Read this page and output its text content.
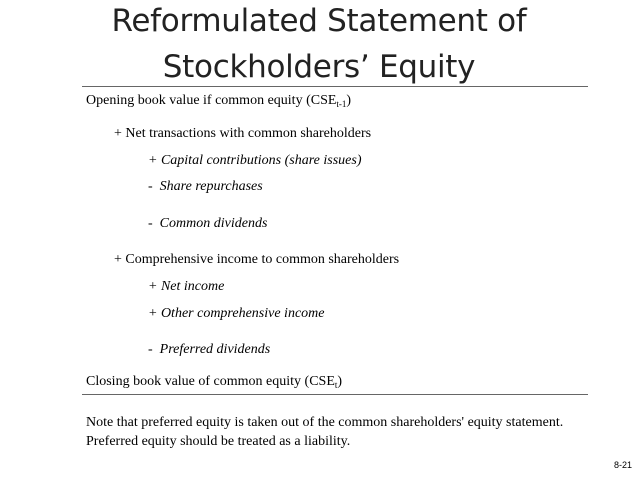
Reformulated Statement of
Stockholders’ Equity
Opening book value if common equity $(CSE_{t-1})$
+ Net transactions with common shareholders
+ Capital contributions (share issues)
- Share repurchases
- Common dividends
+ Comprehensive income to common shareholders
+ Net income
+ Other comprehensive income
- Preferred dividends
Closing book value of common equity $(CSE_t)$
Note that preferred equity is taken out of the common shareholders' equity statement. Preferred equity should be treated as a liability.
8-21
